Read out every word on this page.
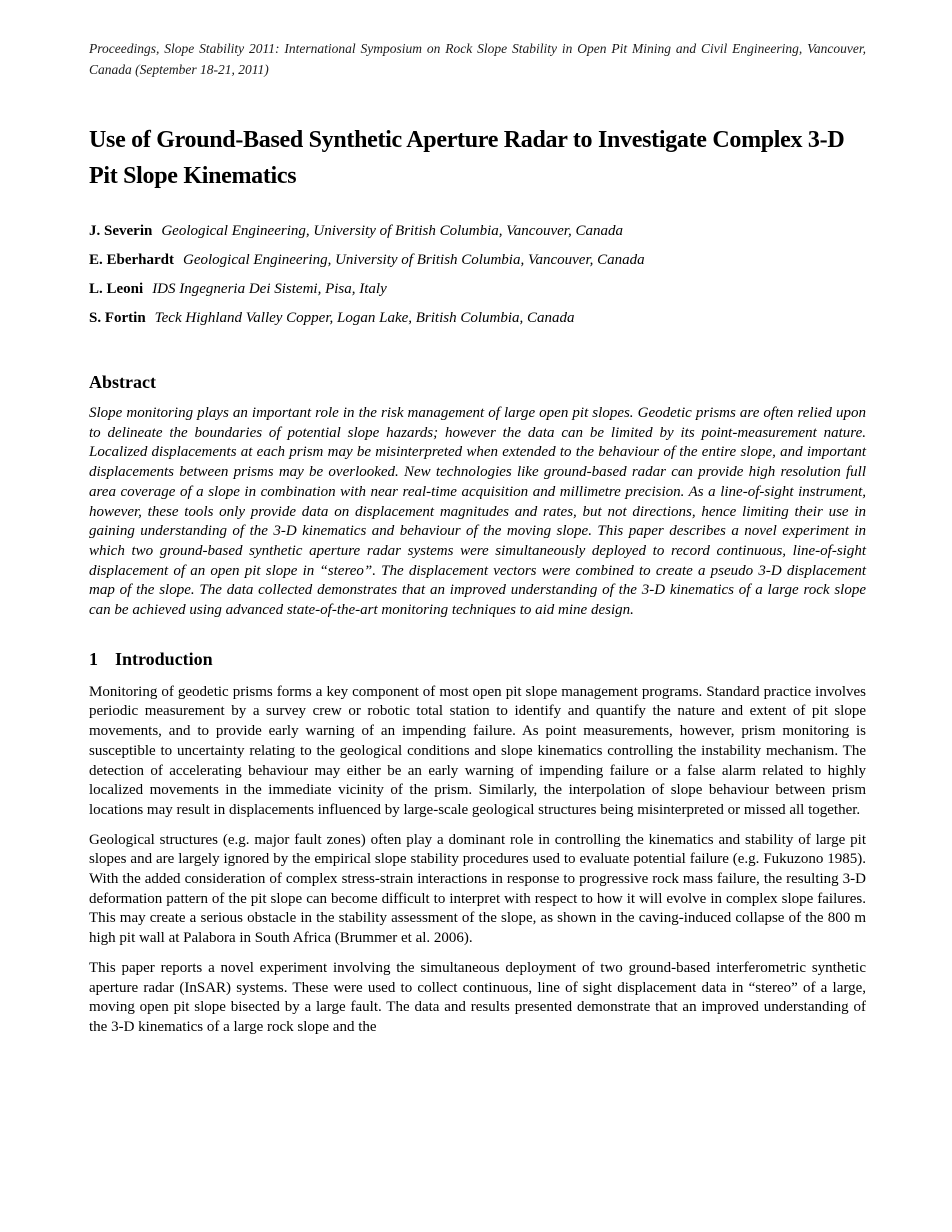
Proceedings, Slope Stability 2011: International Symposium on Rock Slope Stability in Open Pit Mining and Civil Engineering, Vancouver, Canada (September 18-21, 2011)

Use of Ground-Based Synthetic Aperture Radar to Investigate Complex 3-D Pit Slope Kinematics

J. Severin Geological Engineering, University of British Columbia, Vancouver, Canada

E. Eberhardt Geological Engineering, University of British Columbia, Vancouver, Canada

L. Leoni IDS Ingegneria Dei Sistemi, Pisa, Italy

S. Fortin Teck Highland Valley Copper, Logan Lake, British Columbia, Canada

Abstract

Slope monitoring plays an important role in the risk management of large open pit slopes. Geodetic prisms are often relied upon to delineate the boundaries of potential slope hazards; however the data can be limited by its point-measurement nature. Localized displacements at each prism may be misinterpreted when extended to the behaviour of the entire slope, and important displacements between prisms may be overlooked. New technologies like ground-based radar can provide high resolution full area coverage of a slope in combination with near real-time acquisition and millimetre precision. As a line-of-sight instrument, however, these tools only provide data on displacement magnitudes and rates, but not directions, hence limiting their use in gaining understanding of the 3-D kinematics and behaviour of the moving slope. This paper describes a novel experiment in which two ground-based synthetic aperture radar systems were simultaneously deployed to record continuous, line-of-sight displacement of an open pit slope in “stereo”. The displacement vectors were combined to create a pseudo 3-D displacement map of the slope. The data collected demonstrates that an improved understanding of the 3-D kinematics of a large rock slope can be achieved using advanced state-of-the-art monitoring techniques to aid mine design.

1 Introduction

Monitoring of geodetic prisms forms a key component of most open pit slope management programs. Standard practice involves periodic measurement by a survey crew or robotic total station to identify and quantify the nature and extent of pit slope movements, and to provide early warning of an impending failure. As point measurements, however, prism monitoring is susceptible to uncertainty relating to the geological conditions and slope kinematics controlling the instability mechanism. The detection of accelerating behaviour may either be an early warning of impending failure or a false alarm related to highly localized movements in the immediate vicinity of the prism. Similarly, the interpolation of slope behaviour between prism locations may result in displacements influenced by large-scale geological structures being misinterpreted or missed all together.

Geological structures (e.g. major fault zones) often play a dominant role in controlling the kinematics and stability of large pit slopes and are largely ignored by the empirical slope stability procedures used to evaluate potential failure (e.g. Fukuzono 1985). With the added consideration of complex stress-strain interactions in response to progressive rock mass failure, the resulting 3-D deformation pattern of the pit slope can become difficult to interpret with respect to how it will evolve in complex slope failures. This may create a serious obstacle in the stability assessment of the slope, as shown in the caving-induced collapse of the 800 m high pit wall at Palabora in South Africa (Brummer et al. 2006).

This paper reports a novel experiment involving the simultaneous deployment of two ground-based interferometric synthetic aperture radar (InSAR) systems. These were used to collect continuous, line of sight displacement data in “stereo” of a large, moving open pit slope bisected by a large fault. The data and results presented demonstrate that an improved understanding of the 3-D kinematics of a large rock slope and the
